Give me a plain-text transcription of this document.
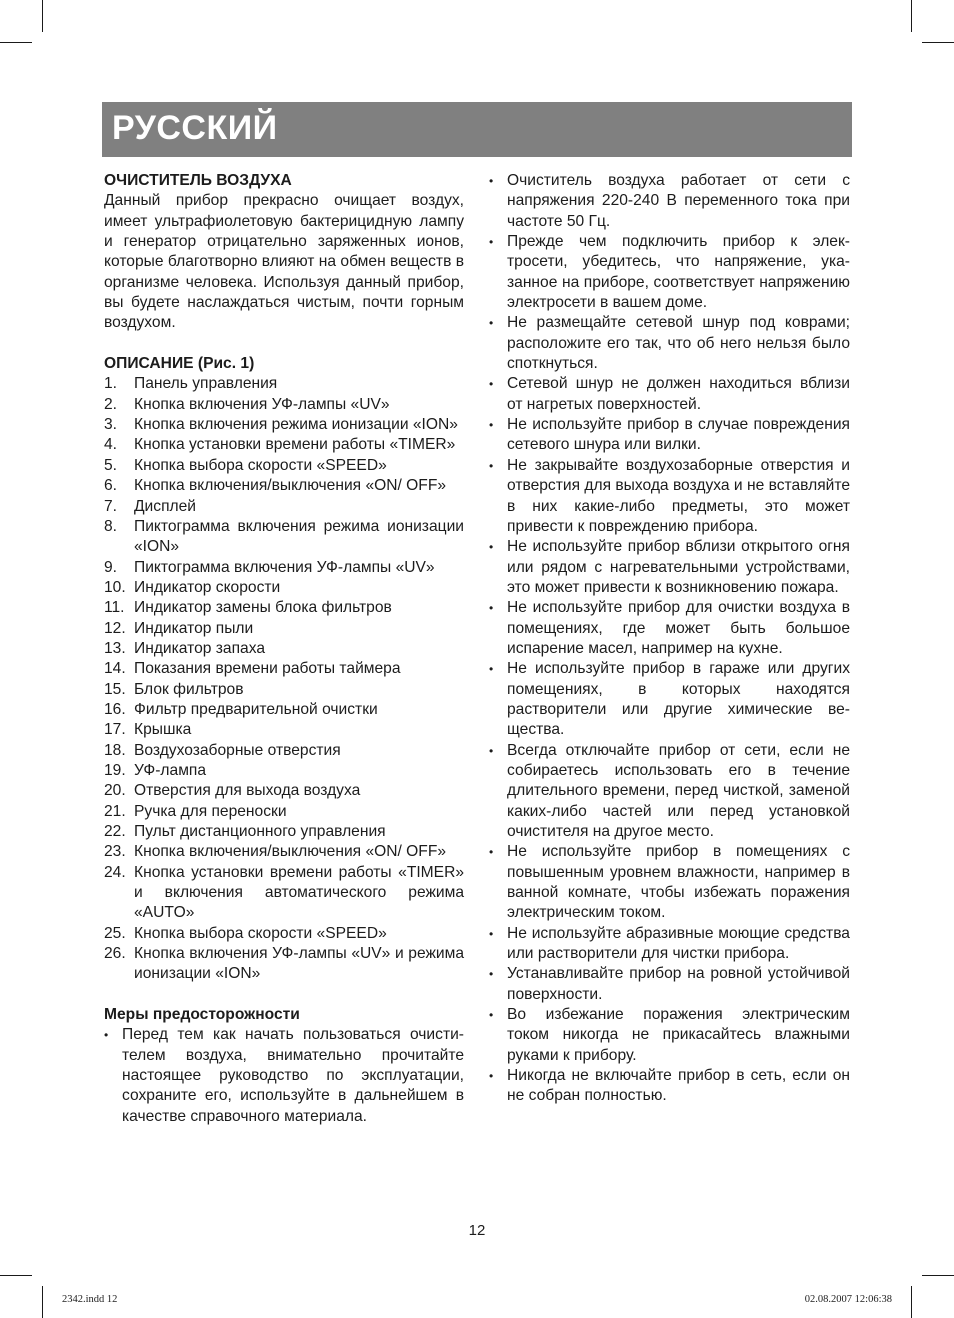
РУССКИЙ

ОЧИСТИТЕЛЬ ВОЗДУХА

Данный прибор прекрасно очищает воздух, имеет ультрафиолетовую бактерицидную лампу и генератор отрицательно заряженных ионов, которые благотворно влияют на обмен веществ в организме человека. Используя данный прибор, вы будете наслаждаться чистым, почти горным воздухом.

ОПИСАНИЕ (Рис. 1)

1. Панель управления
2. Кнопка включения УФ-лампы «UV»
3. Кнопка включения режима ионизации «ION»
4. Кнопка установки времени работы «TIMER»
5. Кнопка выбора скорости «SPEED»
6. Кнопка включения/выключения «ON/ OFF»
7. Дисплей
8. Пиктограмма включения режима ионизации «ION»
9. Пиктограмма включения УФ-лампы «UV»
10. Индикатор скорости
11. Индикатор замены блока фильтров
12. Индикатор пыли
13. Индикатор запаха
14. Показания времени работы таймера
15. Блок фильтров
16. Фильтр предварительной очистки
17. Крышка
18. Воздухозаборные отверстия
19. УФ-лампа
20. Отверстия для выхода воздуха
21. Ручка для переноски
22. Пульт дистанционного управления
23. Кнопка включения/выключения «ON/ OFF»
24. Кнопка установки времени работы «TIMER» и включения автоматического режима «AUTO»
25. Кнопка выбора скорости «SPEED»
26. Кнопка включения УФ-лампы «UV» и режима ионизации «ION»

Меры предосторожности

• Перед тем как начать пользоваться очистителем воздуха, внимательно прочитайте настоящее руководство по эксплуатации, сохраните его, используйте в дальнейшем в качестве справочного материала.
• Очиститель воздуха работает от сети с напряжения 220-240 В переменного тока при частоте 50 Гц.
• Прежде чем подключить прибор к электросети, убедитесь, что напряжение, указанное на приборе, соответствует напряжению электросети в вашем доме.
• Не размещайте сетевой шнур под коврами; расположите его так, что об него нельзя было споткнуться.
• Сетевой шнур не должен находиться вблизи от нагретых поверхностей.
• Не используйте прибор в случае повреждения сетевого шнура или вилки.
• Не закрывайте воздухозаборные отверстия и отверстия для выхода воздуха и не вставляйте в них какие-либо предметы, это может привести к повреждению прибора.
• Не используйте прибор вблизи открытого огня или рядом с нагревательными устройствами, это может привести к возникновению пожара.
• Не используйте прибор для очистки воздуха в помещениях, где может быть большое испарение масел, например на кухне.
• Не используйте прибор в гараже или других помещениях, в которых находятся растворители или другие химические вещества.
• Всегда отключайте прибор от сети, если не собираетесь использовать его в течение длительного времени, перед чисткой, заменой каких-либо частей или перед установкой очистителя на другое место.
• Не используйте прибор в помещениях с повышенным уровнем влажности, например в ванной комнате, чтобы избежать поражения электрическим током.
• Не используйте абразивные моющие средства или растворители для чистки прибора.
• Устанавливайте прибор на ровной устойчивой поверхности.
• Во избежание поражения электрическим током никогда не прикасайтесь влажными руками к прибору.
• Никогда не включайте прибор в сеть, если он не собран полностью.
12
2342.indd 12	02.08.2007 12:06:38
